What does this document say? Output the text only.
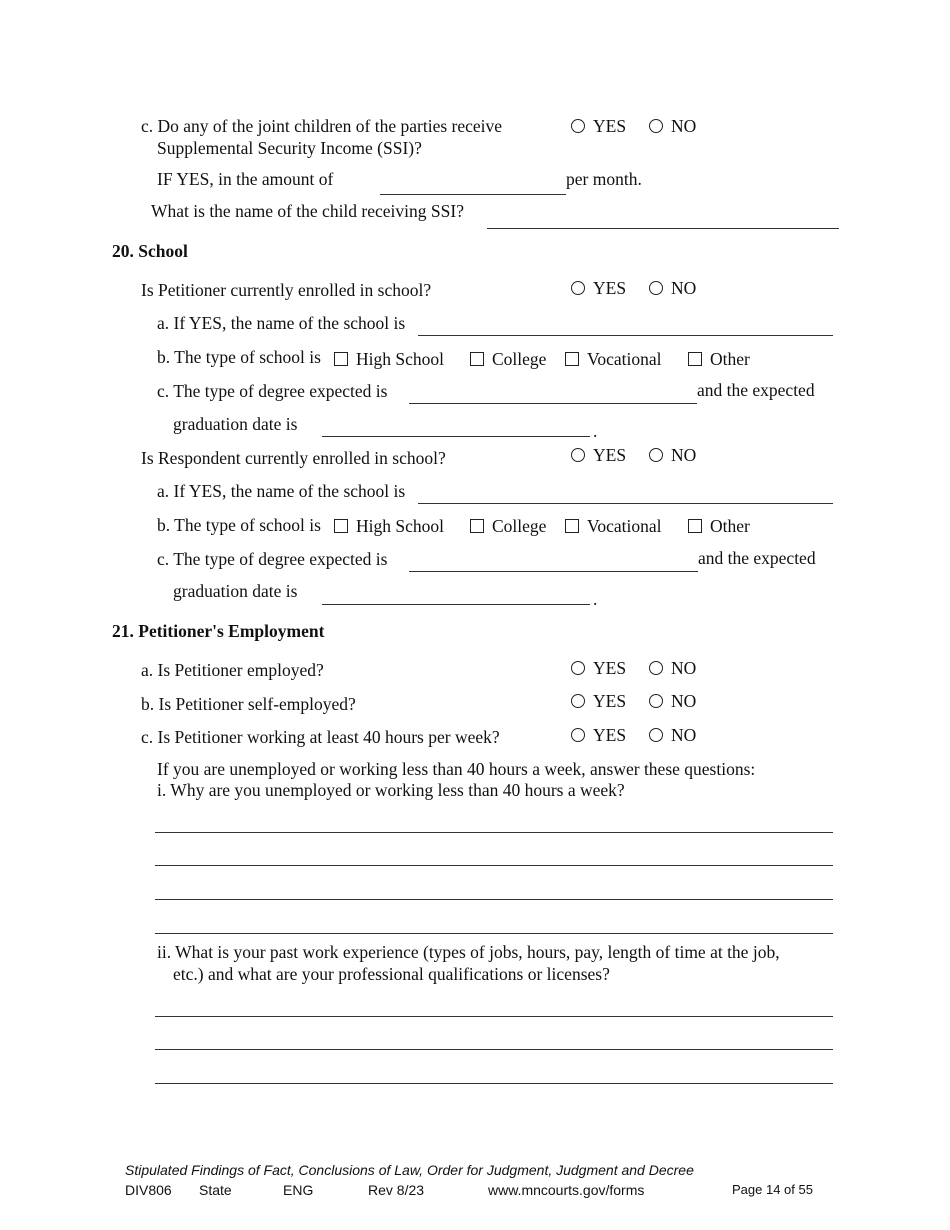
c. Do any of the joint children of the parties receive
Supplemental Security Income (SSI)?
YES	NO
IF YES, in the amount of	per month.
What is the name of the child receiving SSI?
20. School
Is Petitioner currently enrolled in school?	YES	NO
a. If YES, the name of the school is
b. The type of school is	High School	College	Vocational	Other
c. The type of degree expected is	and the expected
graduation date is	.
Is Respondent currently enrolled in school?	YES	NO
a. If YES, the name of the school is
b. The type of school is	High School	College	Vocational	Other
c. The type of degree expected is	and the expected
graduation date is	.
21. Petitioner's Employment
a. Is Petitioner employed?	YES	NO
b. Is Petitioner self-employed?	YES	NO
c. Is Petitioner working at least 40 hours per week?	YES	NO
If you are unemployed or working less than 40 hours a week, answer these questions:
i. Why are you unemployed or working less than 40 hours a week?
ii. What is your past work experience (types of jobs, hours, pay, length of time at the job,
etc.) and what are your professional qualifications or licenses?
Stipulated Findings of Fact, Conclusions of Law, Order for Judgment, Judgment and Decree
DIV806 State	ENG	Rev 8/23	www.mncourts.gov/forms	Page 14 of 55
